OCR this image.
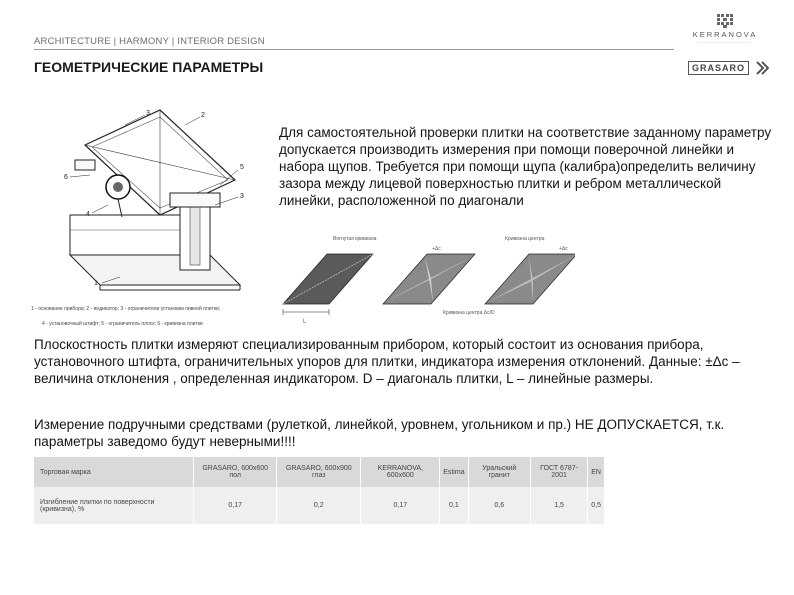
ARCHITECTURE | HARMONY | INTERIOR DESIGN
ГЕОМЕТРИЧЕСКИЕ ПАРАМЕТРЫ
KERRANOVA
—————————————
GRASARO
3	2
6
4
5
3
1
1 - основание прибора; 2 - индикатор; 3 - ограничители установки пивной плитки;
4 - установочный штифт; 5 - ограничитель плоск; 6 - кривизна плитки
Для самостоятельной проверки плитки на соответствие заданному параметру допускается производить измерения при помощи поверочной линейки и набора щупов. Требуется при помощи щупа (калибра)определить величину зазора между лицевой поверхностью плитки и ребром металлической линейки, расположенной по диагонали
Вогнутая кривизна	Кривизна центра
+Δc	+Δc
Кривизна центра Δс/D
L
Плоскостность плитки измеряют специализированным прибором, который состоит из основания прибора, установочного штифта, ограничительных упоров для плитки, индикатора измерения отклонений. Данные: ±Δс – величина отклонения , определенная индикатором. D – диагональ плитки, L – линейные размеры.
Измерение подручными средствами (рулеткой, линейкой, уровнем, угольником и пр.) НЕ ДОПУСКАЕТСЯ, т.к. параметры заведомо будут неверными!!!!
Торговая марка	GRASARO, 600x600 пол	GRASARO, 600x900 глаз	KERRANOVA, 600x600	Estima	Уральский гранит	ГОСТ 6787-2001	EN
Изгибление плитки по поверхности (кривизна), %	0,17	0,2	0,17	0,1	0,6	1,5	0,5
